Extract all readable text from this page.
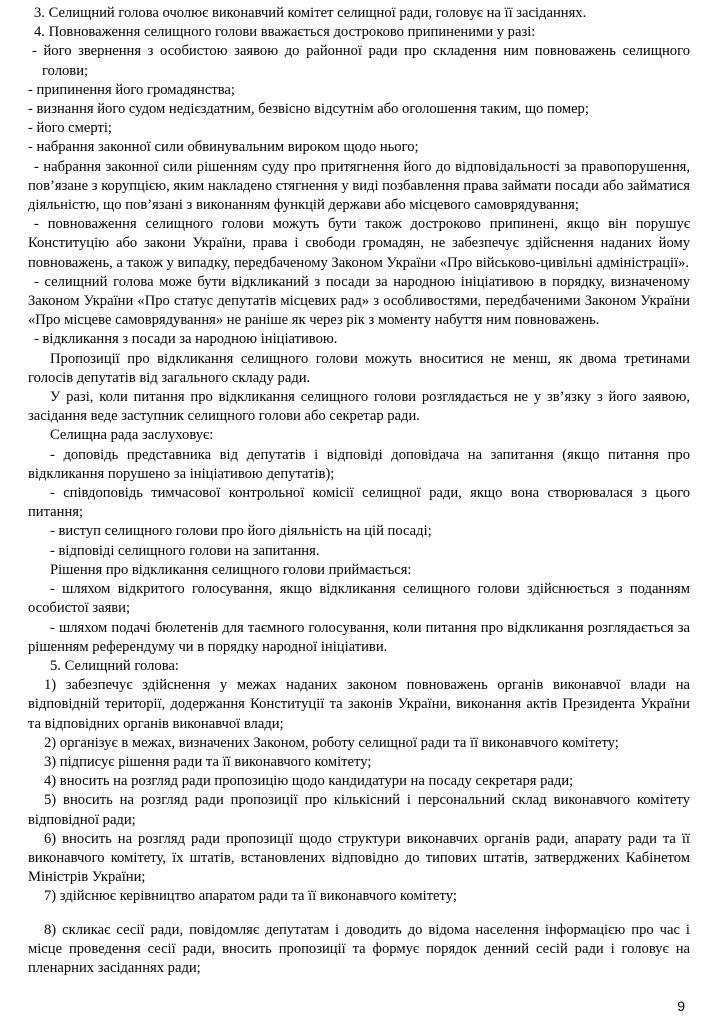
3. Селищний голова очолює виконавчий комітет селищної ради, головує на її засіданнях.

4. Повноваження селищного голови вважається достроково припиненими у разі:

- його звернення з особистою заявою до районної ради про складення ним повноважень селищного голови;

- припинення його громадянства;

- визнання його судом недієздатним, безвісно відсутнім або оголошення таким, що помер;

- його смерті;

- набрання законної сили обвинувальним вироком щодо нього;

- набрання законної сили рішенням суду про притягнення його до відповідальності за правопорушення, пов’язане з корупцією, яким накладено стягнення у виді позбавлення права займати посади або займатися діяльністю, що пов’язані з виконанням функцій держави або місцевого самоврядування;

- повноваження селищного голови можуть бути також достроково припинені, якщо він порушує Конституцію або закони України, права і свободи громадян, не забезпечує здійснення наданих йому повноважень, а також у випадку, передбаченому Законом України «Про військово-цивільні адміністрації».

- селищний голова може бути відкликаний з посади за народною ініціативою в порядку, визначеному Законом України «Про статус депутатів місцевих рад» з особливостями, передбаченими Законом України «Про місцеве самоврядування» не раніше як через рік з моменту набуття ним повноважень.

- відкликання з посади за народною ініціативою.

Пропозиції про відкликання селищного голови можуть вноситися не менш, як двома третинами голосів депутатів від загального складу ради.

У разі, коли питання про відкликання селищного голови розглядається не у зв’язку з його заявою, засідання веде заступник селищного голови або секретар ради.

Селищна рада заслуховує:

- доповідь представника від депутатів і відповіді доповідача на запитання (якщо питання про відкликання порушено за ініціативою депутатів);

- співдоповідь тимчасової контрольної комісії селищної ради, якщо вона створювалася з цього питання;

- виступ селищного голови про його діяльність на цій посаді;

- відповіді селищного голови на запитання.

Рішення про відкликання селищного голови приймається:

- шляхом відкритого голосування, якщо відкликання селищного голови здійснюється з поданням особистої заяви;

- шляхом подачі бюлетенів для таємного голосування, коли питання про відкликання розглядається за рішенням референдуму чи в порядку народної ініціативи.

5. Селищний голова:

1) забезпечує здійснення у межах наданих законом повноважень органів виконавчої влади на відповідній території, додержання Конституції та законів України, виконання актів Президента України та відповідних органів виконавчої влади;

2) організує в межах, визначених Законом, роботу селищної ради та її виконавчого комітету;

3) підписує рішення ради та її виконавчого комітету;

4) вносить на розгляд ради пропозицію щодо кандидатури на посаду секретаря ради;

5) вносить на розгляд ради пропозиції про кількісний і персональний склад виконавчого комітету відповідної ради;

6) вносить на розгляд ради пропозиції щодо структури виконавчих органів ради, апарату ради та її виконавчого комітету, їх штатів, встановлених відповідно до типових штатів, затверджених Кабінетом Міністрів України;

7) здійснює керівництво апаратом ради та її виконавчого комітету;

8) скликає сесії ради, повідомляє депутатам і доводить до відома населення інформацією про час і місце проведення сесії ради, вносить пропозиції та формує порядок денний сесій ради і головує на пленарних засіданнях ради;

9
